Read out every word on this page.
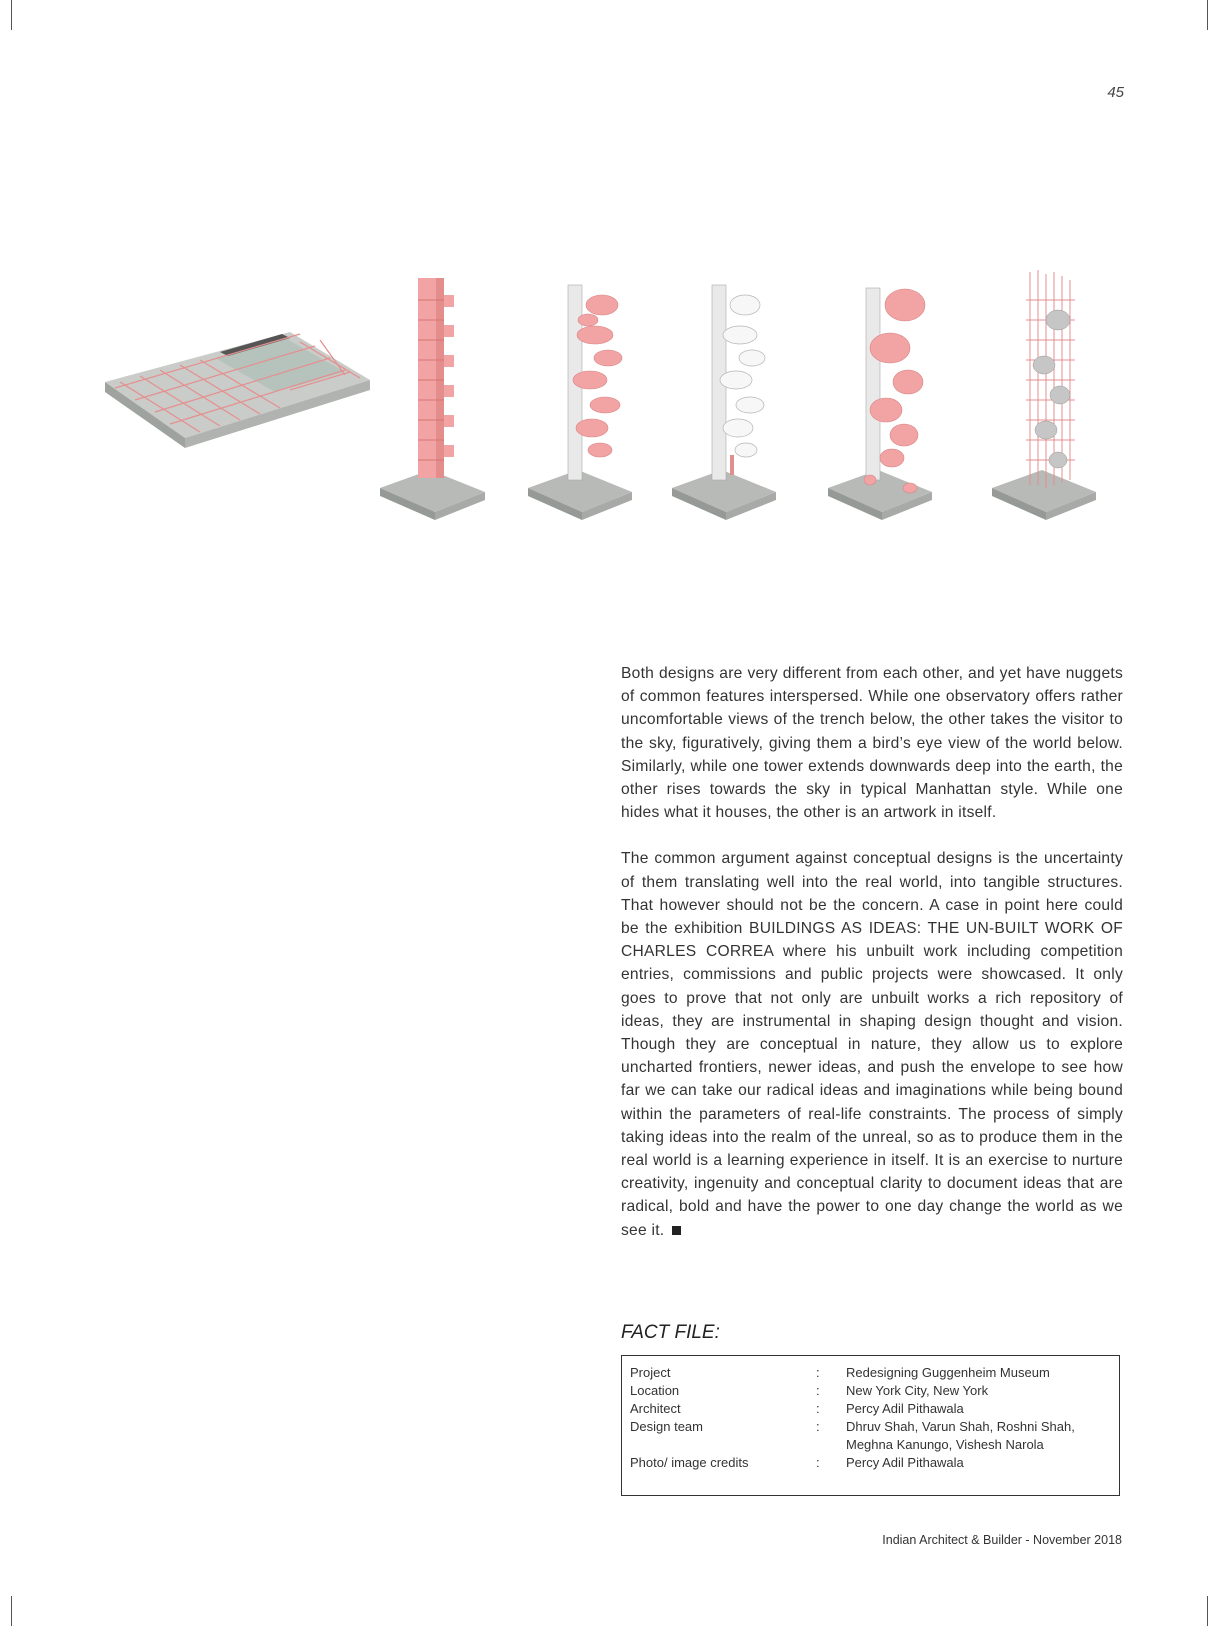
45

Both designs are very different from each other, and yet have nuggets of common features interspersed. While one observatory offers rather uncomfortable views of the trench below, the other takes the visitor to the sky, figuratively, giving them a bird’s eye view of the world below. Similarly, while one tower extends downwards deep into the earth, the other rises towards the sky in typical Manhattan style. While one hides what it houses, the other is an artwork in itself.

The common argument against conceptual designs is the uncertainty of them translating well into the real world, into tangible structures. That however should not be the concern. A case in point here could be the exhibition BUILDINGS AS IDEAS: THE UN-BUILT WORK OF CHARLES CORREA where his unbuilt work including competition entries, commissions and public projects were showcased. It only goes to prove that not only are unbuilt works a rich repository of ideas, they are instrumental in shaping design thought and vision. Though they are conceptual in nature, they allow us to explore uncharted frontiers, newer ideas, and push the envelope to see how far we can take our radical ideas and imaginations while being bound within the parameters of real-life constraints. The process of simply taking ideas into the realm of the unreal, so as to produce them in the real world is a learning experience in itself. It is an exercise to nurture creativity, ingenuity and conceptual clarity to document ideas that are radical, bold and have the power to one day change the world as we see it.

FACT FILE:
Project	:	Redesigning Guggenheim Museum
Location	:	New York City, New York
Architect	:	Percy Adil Pithawala
Design team	:	Dhruv Shah, Varun Shah, Roshni Shah, Meghna Kanungo, Vishesh Narola
Photo/ image credits	:	Percy Adil Pithawala
Indian Architect & Builder - November 2018
